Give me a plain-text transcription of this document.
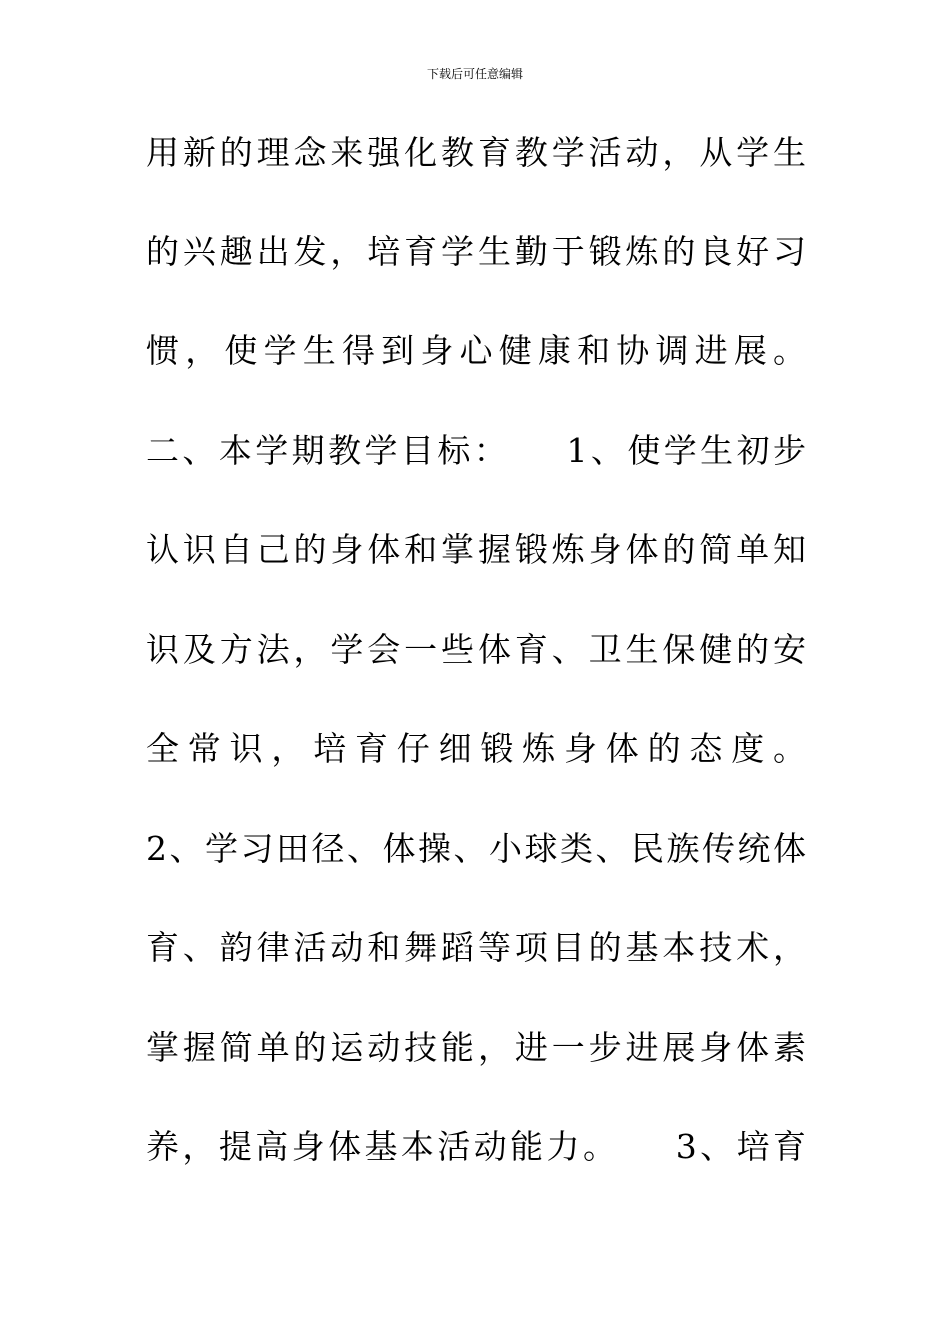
下载后可任意编辑
用新的理念来强化教育教学活动，从学生
的兴趣出发，培育学生勤于锻炼的良好习
惯，使学生得到身心健康和协调进展。
二、本学期教学目标：　　1、使学生初步
认识自己的身体和掌握锻炼身体的简单知
识及方法，学会一些体育、卫生保健的安
全常识，培育仔细锻炼身体的态度。
2、学习田径、体操、小球类、民族传统体
育、韵律活动和舞蹈等项目的基本技术，
掌握简单的运动技能，进一步进展身体素
养，提高身体基本活动能力。　　3、培育
